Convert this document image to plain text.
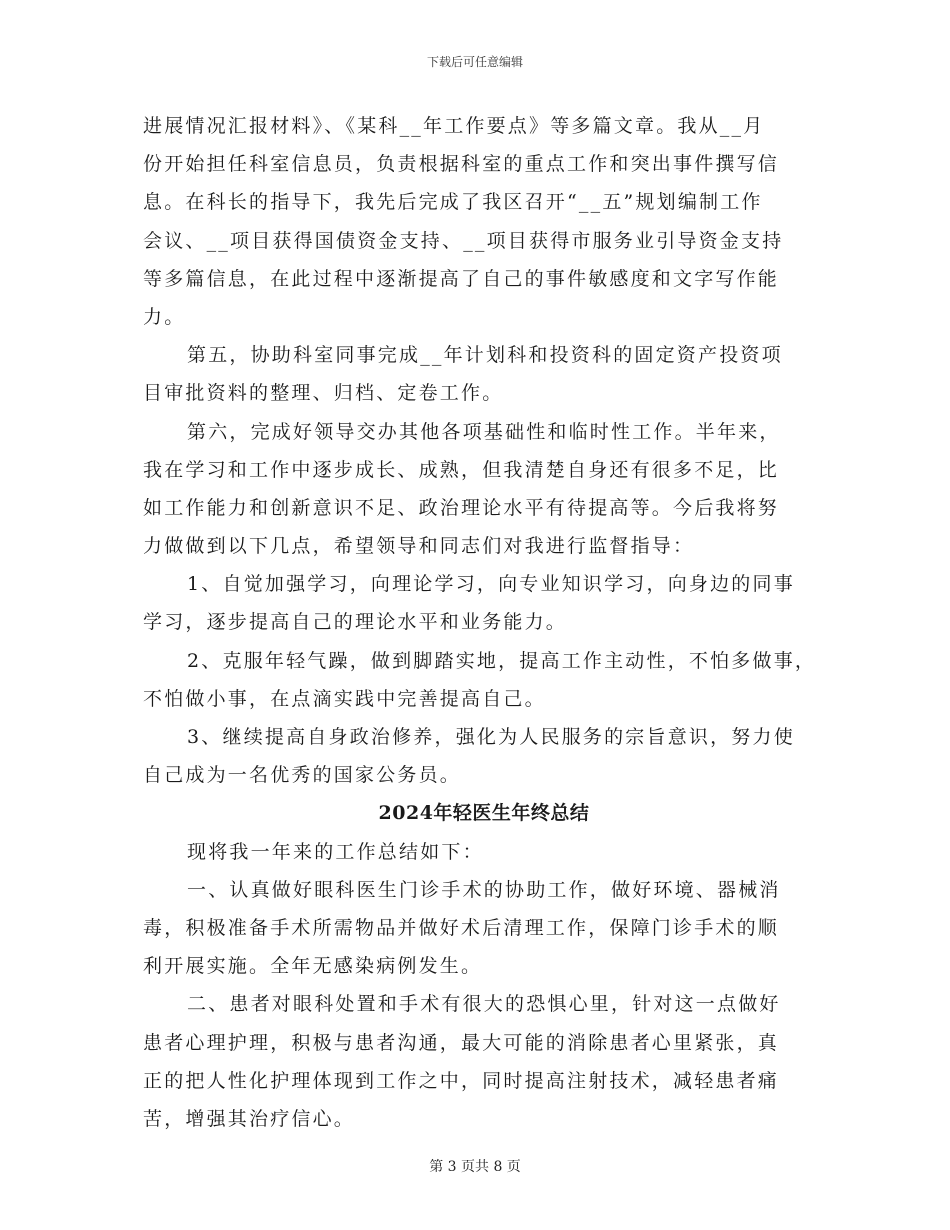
下载后可任意编辑
进展情况汇报材料》、《某科__年工作要点》等多篇文章。我从__月
份开始担任科室信息员，负责根据科室的重点工作和突出事件撰写信
息。在科长的指导下，我先后完成了我区召开“__五”规划编制工作
会议、__项目获得国债资金支持、__项目获得市服务业引导资金支持
等多篇信息，在此过程中逐渐提高了自己的事件敏感度和文字写作能
力。
第五，协助科室同事完成__年计划科和投资科的固定资产投资项
目审批资料的整理、归档、定卷工作。
第六，完成好领导交办其他各项基础性和临时性工作。半年来，
我在学习和工作中逐步成长、成熟，但我清楚自身还有很多不足，比
如工作能力和创新意识不足、政治理论水平有待提高等。今后我将努
力做做到以下几点，希望领导和同志们对我进行监督指导：
1、自觉加强学习，向理论学习，向专业知识学习，向身边的同事
学习，逐步提高自己的理论水平和业务能力。
2、克服年轻气躁，做到脚踏实地，提高工作主动性，不怕多做事，
不怕做小事，在点滴实践中完善提高自己。
3、继续提高自身政治修养，强化为人民服务的宗旨意识，努力使
自己成为一名优秀的国家公务员。
2024年轻医生年终总结
现将我一年来的工作总结如下：
一、认真做好眼科医生门诊手术的协助工作，做好环境、器械消
毒，积极准备手术所需物品并做好术后清理工作，保障门诊手术的顺
利开展实施。全年无感染病例发生。
二、患者对眼科处置和手术有很大的恐惧心里，针对这一点做好
患者心理护理，积极与患者沟通，最大可能的消除患者心里紧张，真
正的把人性化护理体现到工作之中，同时提高注射技术，减轻患者痛
苦，增强其治疗信心。
第 3 页共 8 页
